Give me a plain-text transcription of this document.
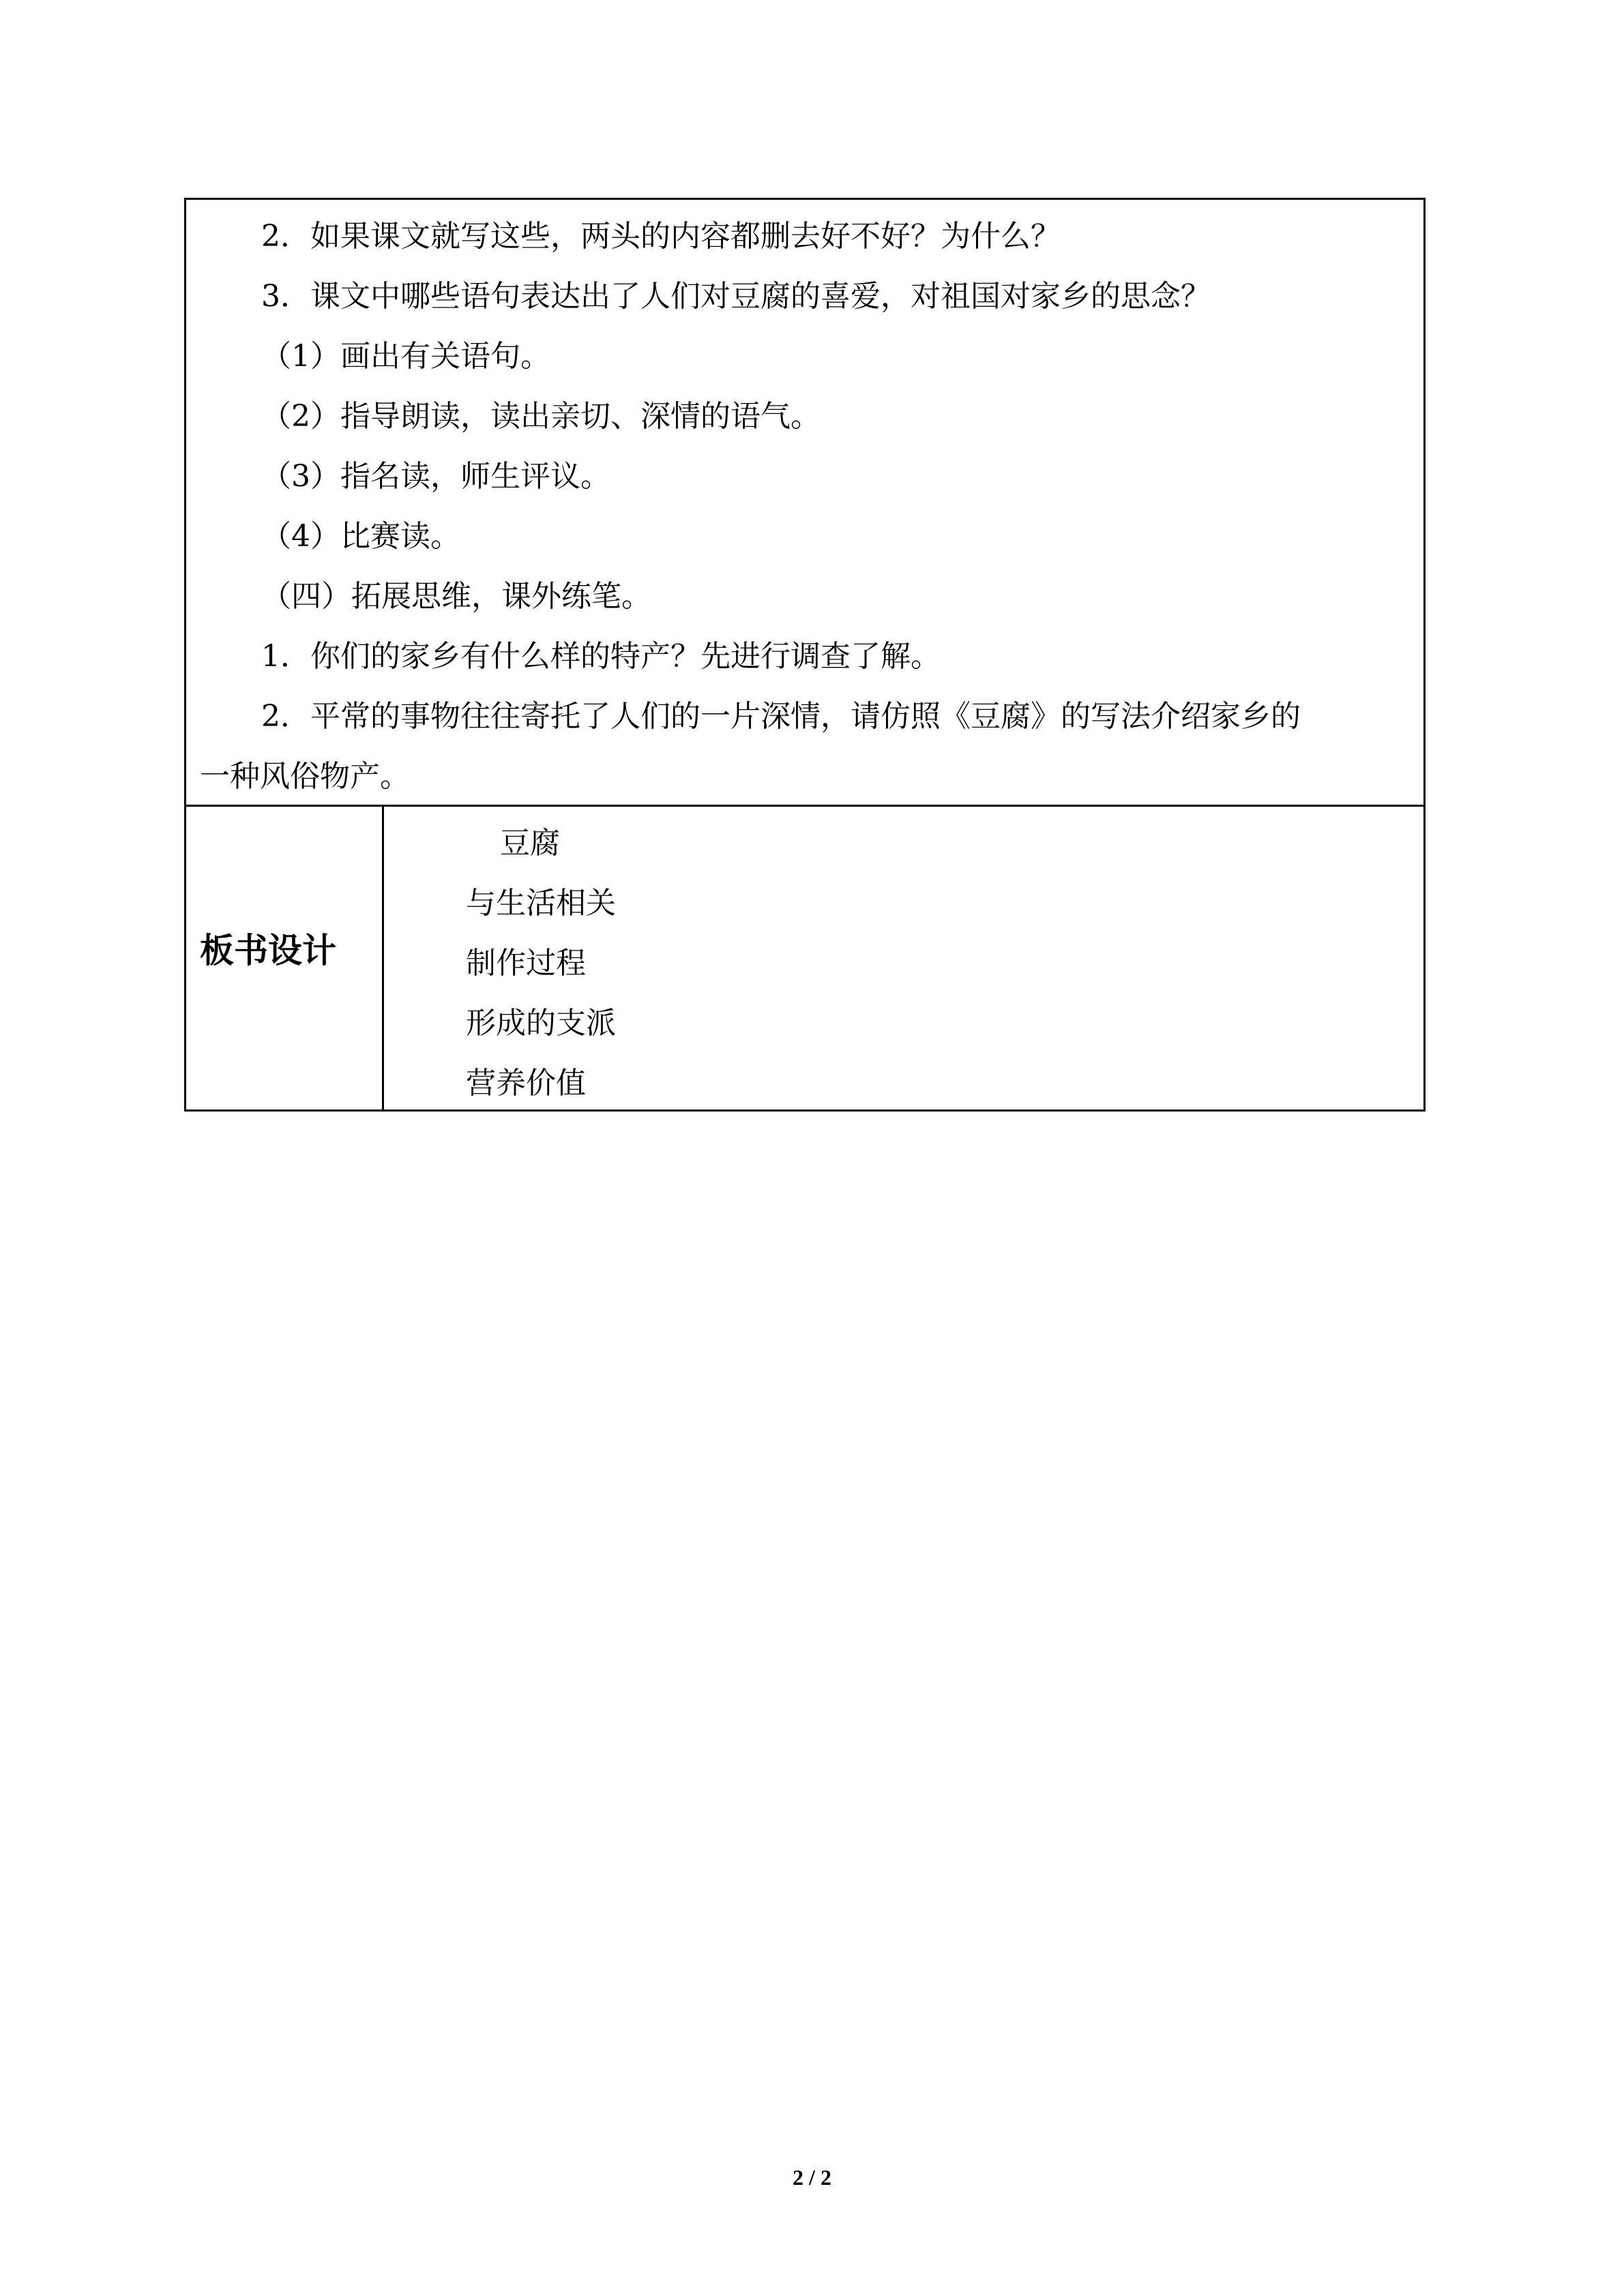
2．如果课文就写这些，两头的内容都删去好不好？为什么？
3．课文中哪些语句表达出了人们对豆腐的喜爱，对祖国对家乡的思念？
（1）画出有关语句。
（2）指导朗读，读出亲切、深情的语气。
（3）指名读，师生评议。
（4）比赛读。
（四）拓展思维，课外练笔。
1．你们的家乡有什么样的特产？先进行调查了解。
2．平常的事物往往寄托了人们的一片深情，请仿照《豆腐》的写法介绍家乡的
一种风俗物产。
板书设计
豆腐
与生活相关
制作过程
形成的支派
营养价值
2 / 2
